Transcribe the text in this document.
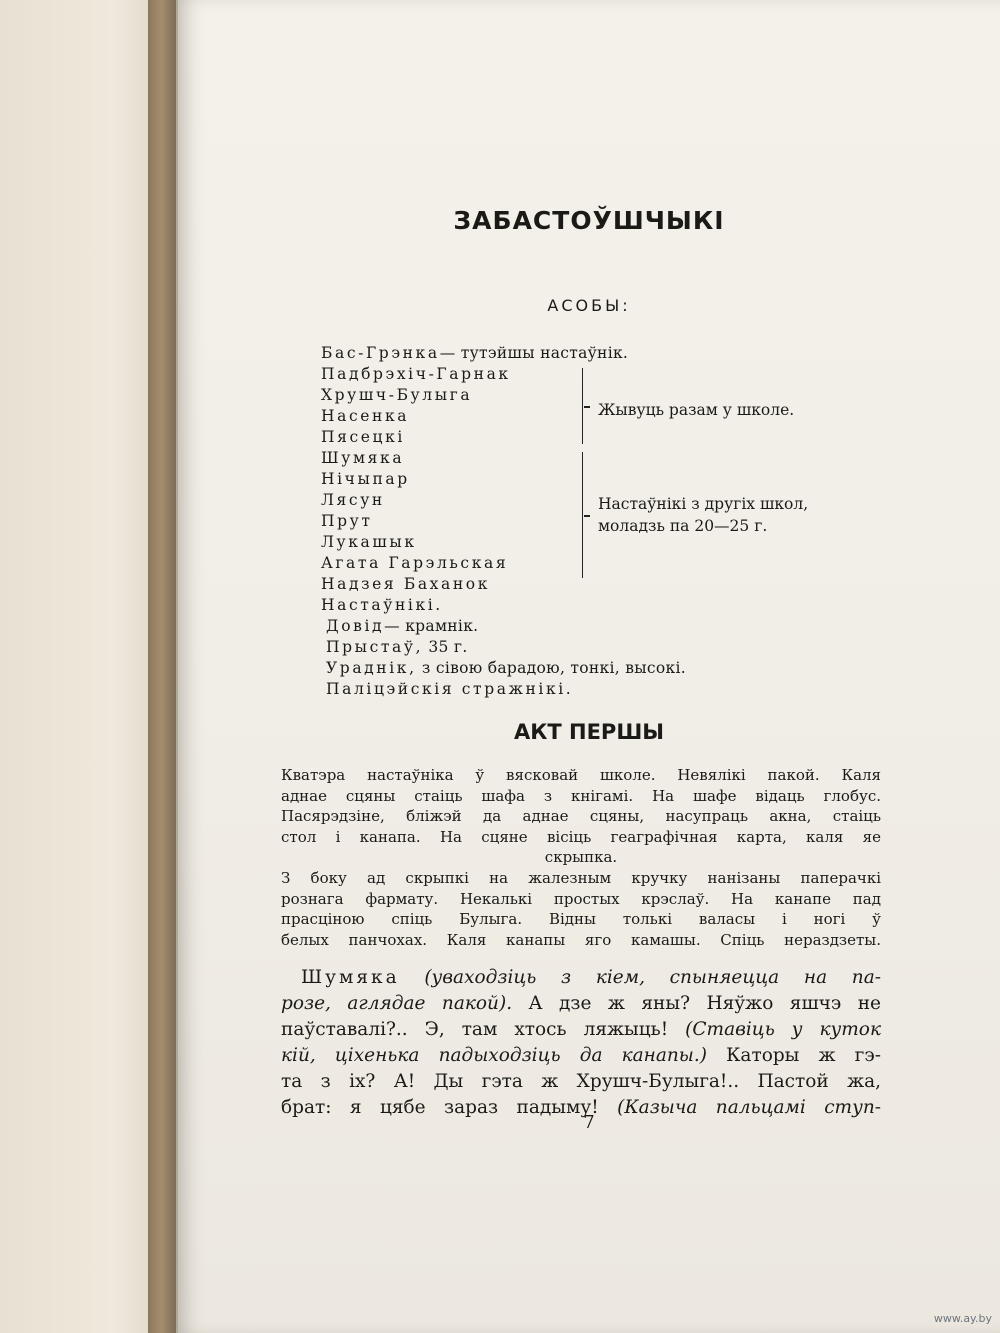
ЗАБАСТОЎШЧЫКІ
АСОБЫ:
Бас-Грэнка— тутэйшы настаўнік.
Падбрэхіч-Гарнак
Хрушч-Булыга
Насенка
Пясецкі
Шумяка
Нічыпар
Лясун
Прут
Лукашык
Агата Гарэльская
Надзея Баханок
Настаўнікі.
Довід— крамнік.
Прыстаў, 35 г.
Ураднік, з сівою барадою, тонкі, высокі.
Паліцэйскія стражнікі.
Жывуць разам у школе.
Настаўнікі з другіх школ,
моладзь па 20—25 г.
АКТ ПЕРШЫ
Кватэра настаўніка ў вясковай школе. Невялікі пакой. Каля
аднае сцяны стаіць шафа з кнігамі. На шафе відаць глобус.
Пасярэдзіне, бліжэй да аднае сцяны, насупраць акна, стаіць
стол і канапа. На сцяне вісіць геаграфічная карта, каля яе
скрыпка.
З боку ад скрыпкі на жалезным кручку нанізаны паперачкі
рознага фармату. Некалькі простых крэслаў. На канапе пад
прасціною спіць Булыга. Відны толькі валасы і ногі ў
белых панчохах. Каля канапы яго камашы. Спіць нераздзеты.
Шумяка (уваходзіць з кіем, спыняецца на па-
розе, аглядае пакой). А дзе ж яны? Няўжо яшчэ не
паўставалі?.. Э, там хтось ляжыць! (Ставіць у куток
кій, ціхенька падыходзіць да канапы.) Каторы ж гэ-
та з іх? А! Ды гэта ж Хрушч-Булыга!.. Пастой жа,
брат: я цябе зараз падыму! (Казычa пальцамі ступ-
7
www.ay.by
